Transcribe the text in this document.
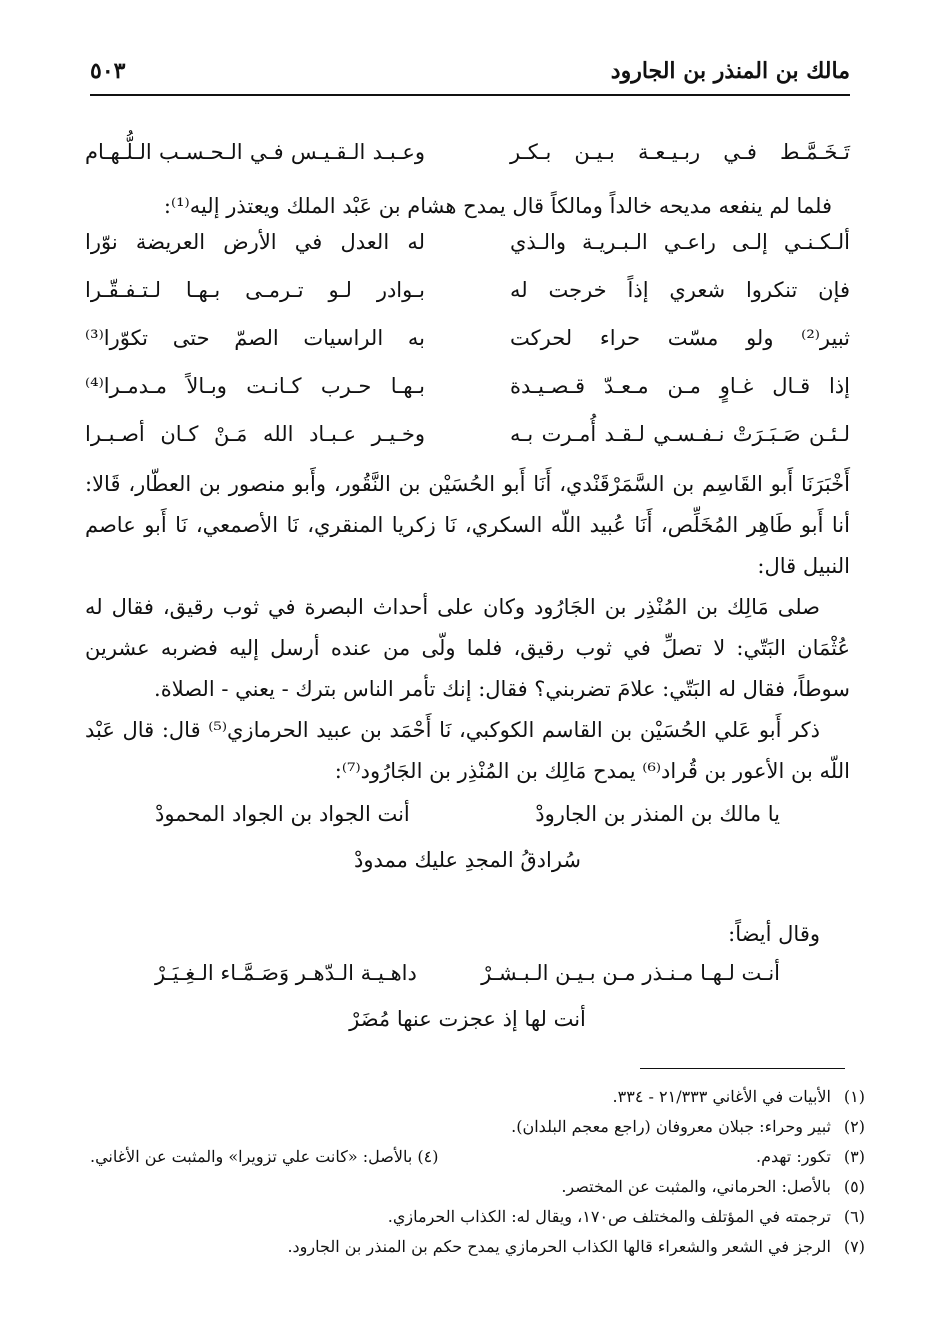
مالك بن المنذر بن الجارود
٥٠٣
تَـخَـمَّـط فـي ربـيـعـة بـيـن بـكـر
وعـبـد الـقـيـس فـي الـحـسـب الـلُّـهـام

فلما لم ينفعه مديحه خالداً ومالكاً قال يمدح هشام بن عَبْد الملك ويعتذر إليه⁽¹⁾:

ألـكـنـي إلـى راعـي الـبـريـة والـذي
له العدل في الأرض العريضة نوّرا
فإن تنكروا شعري إذاً خرجت له
بـوادر لـو تـرمـى بـهـا لـتـفـقّـرا
ثبير⁽²⁾ ولو مسّت حراء لحركت
به الراسيات الصمّ حتى تكوّرا⁽³⁾
إذا قـال غـاوٍ مـن مـعـدّ قـصـيـدة
بـهـا حـرب كـانـت وبـالاً مـدمـرا⁽⁴⁾
لـئـن صَـبَـرَتْ نـفـسـي لـقـد أُمـرت بـه
وخـيـر عـبـاد الله مَـنْ كـان أصـبـرا

أَخْبَرَنَا أَبو القَاسِم بن السَّمَرْقَنْدي، أَنَا أَبو الحُسَيْن بن النَّقُور، وأَبو منصور بن العطّار، قَالا: أنا أَبو طَاهِر المُخَلِّص، أَنَا عُبيد اللّه السكري، نَا زكريا المنقري، نَا الأصمعي، نَا أَبو عاصم النبيل قال:

صلى مَالِك بن المُنْذِر بن الجَارُود وكان على أحداث البصرة في ثوب رقيق، فقال له عُثْمَان البَتّي: لا تصلِّ في ثوب رقيق، فلما ولّى من عنده أرسل إليه فضربه عشرين سوطاً، فقال له البَتّي: علامَ تضربني؟ فقال: إنك تأمر الناس بترك - يعني - الصلاة.

ذكر أَبو عَلي الحُسَيْن بن القاسم الكوكبي، نَا أَحْمَد بن عبيد الحرمازي⁽⁵⁾ قال: قال عَبْد اللّه بن الأعور بن قُراد⁽⁶⁾ يمدح مَالِك بن المُنْذِر بن الجَارُود⁽⁷⁾:

يا مالك بن المنذر بن الجارودْ
أنت الجواد بن الجواد المحمودْ
سُرادقُ المجدِ عليك ممدودْ

وقال أيضاً:

أنـت لـهـا مـنـذر مـن بـيـن الـبـشـرْ
داهـيـة الـدّهـر وَصَـمَّـاء الـغِـيَـرْ
أنت لها إذ عجزت عنها مُضَرْ
(١)الأبيات في الأغاني ٢١/٣٣٣ - ٣٣٤.
(٢)ثبير وحراء: جبلان معروفان (راجع معجم البلدان).
(٣)تكور: تهدم.
(٤) بالأصل: «كانت علي تزويرا» والمثبت عن الأغاني.
(٥)بالأصل: الحرماني، والمثبت عن المختصر.
(٦)ترجمته في المؤتلف والمختلف ص١٧٠، ويقال له: الكذاب الحرمازي.
(٧)الرجز في الشعر والشعراء قالها الكذاب الحرمازي يمدح حكم بن المنذر بن الجارود.
